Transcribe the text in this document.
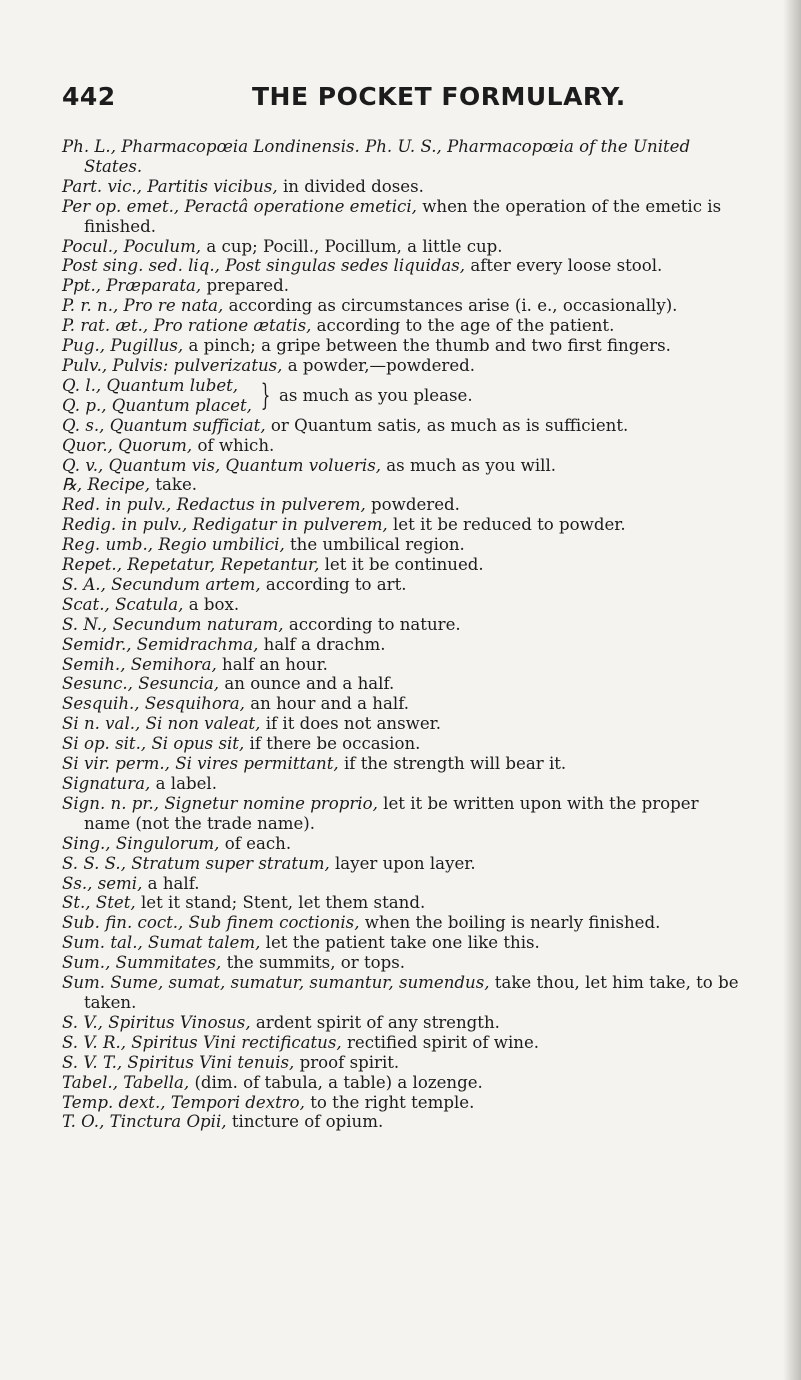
442	THE POCKET FORMULARY.
Ph. L., Pharmacopœia Londinensis. Ph. U. S., Pharmacopœia of the United States.
Part. vic., Partitis vicibus, in divided doses.
Per op. emet., Peractâ operatione emetici, when the operation of the emetic is finished.
Pocul., Poculum, a cup; Pocill., Pocillum, a little cup.
Post sing. sed. liq., Post singulas sedes liquidas, after every loose stool.
Ppt., Præparata, prepared.
P. r. n., Pro re nata, according as circumstances arise (i. e., occasionally).
P. rat. æt., Pro ratione ætatis, according to the age of the patient.
Pug., Pugillus, a pinch; a gripe between the thumb and two first fingers.
Pulv., Pulvis: pulverizatus, a powder,—powdered.
Q. l., Quantum lubet,
Q. p., Quantum placet, } as much as you please.
Q. s., Quantum sufficiat, or Quantum satis, as much as is sufficient.
Quor., Quorum, of which.
Q. v., Quantum vis, Quantum volueris, as much as you will.
℞, Recipe, take.
Red. in pulv., Redactus in pulverem, powdered.
Redig. in pulv., Redigatur in pulverem, let it be reduced to powder.
Reg. umb., Regio umbilici, the umbilical region.
Repet., Repetatur, Repetantur, let it be continued.
S. A., Secundum artem, according to art.
Scat., Scatula, a box.
S. N., Secundum naturam, according to nature.
Semidr., Semidrachma, half a drachm.
Semih., Semihora, half an hour.
Sesunc., Sesuncia, an ounce and a half.
Sesquih., Sesquihora, an hour and a half.
Si n. val., Si non valeat, if it does not answer.
Si op. sit., Si opus sit, if there be occasion.
Si vir. perm., Si vires permittant, if the strength will bear it.
Signatura, a label.
Sign. n. pr., Signetur nomine proprio, let it be written upon with the proper name (not the trade name).
Sing., Singulorum, of each.
S. S. S., Stratum super stratum, layer upon layer.
Ss., semi, a half.
St., Stet, let it stand; Stent, let them stand.
Sub. fin. coct., Sub finem coctionis, when the boiling is nearly finished.
Sum. tal., Sumat talem, let the patient take one like this.
Sum., Summitates, the summits, or tops.
Sum. Sume, sumat, sumatur, sumantur, sumendus, take thou, let him take, to be taken.
S. V., Spiritus Vinosus, ardent spirit of any strength.
S. V. R., Spiritus Vini rectificatus, rectified spirit of wine.
S. V. T., Spiritus Vini tenuis, proof spirit.
Tabel., Tabella, (dim. of tabula, a table) a lozenge.
Temp. dext., Tempori dextro, to the right temple.
T. O., Tinctura Opii, tincture of opium.
